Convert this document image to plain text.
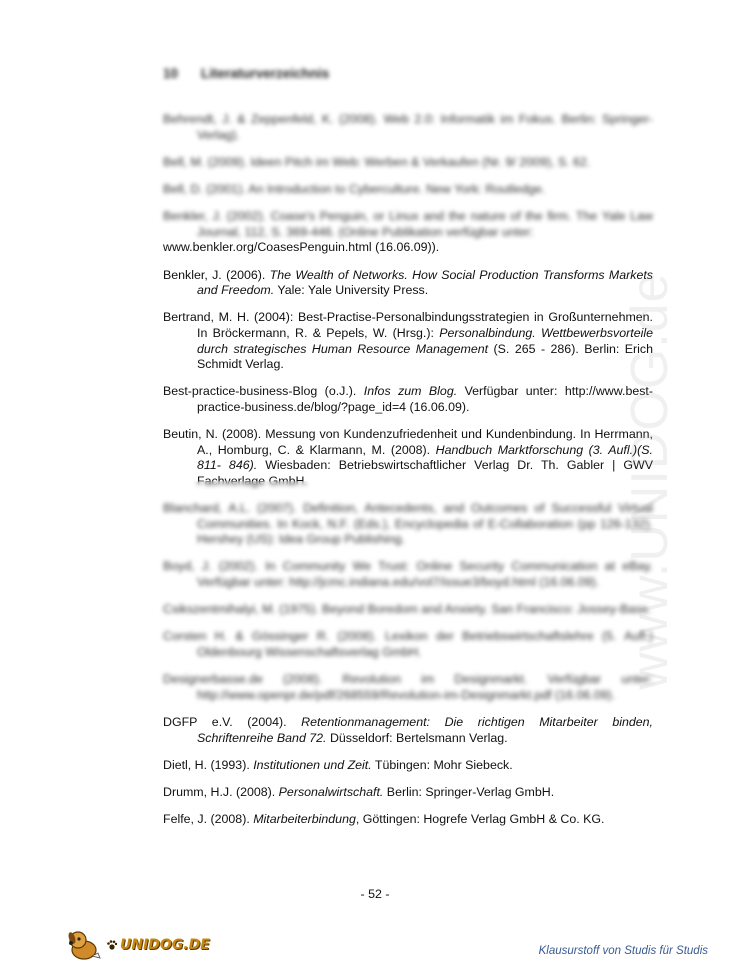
10 Literaturverzeichnis
Behrendt, J. & Zeppenfeld, K. (2008). Web 2.0: Informatik im Fokus. Berlin: Springer-Verlag).
Bell, M. (2009). Ideen Pitch im Web: Werben & Verkaufen (Nr. 9/ 2009), S. 62.
Bell, D. (2001). An Introduction to Cyberculture. New York: Routledge.
Benkler, J. (2002). Coase's Penguin, or Linux and the nature of the firm. The Yale Law Journal, 112, S. 369-446. (Online Publikation verfügbar unter:
www.benkler.org/CoasesPenguin.html (16.06.09)).
Benkler, J. (2006). The Wealth of Networks. How Social Production Transforms Markets and Freedom. Yale: Yale University Press.
Bertrand, M. H. (2004): Best-Practise-Personalbindungsstrategien in Großunternehmen. In Bröckermann, R. & Pepels, W. (Hrsg.): Personalbindung. Wettbewerbsvorteile durch strategisches Human Resource Management (S. 265 - 286). Berlin: Erich Schmidt Verlag.
Best-practice-business-Blog (o.J.). Infos zum Blog. Verfügbar unter: http://www.best-practice-business.de/blog/?page_id=4 (16.06.09).
Beutin, N. (2008). Messung von Kundenzufriedenheit und Kundenbindung. In Herrmann, A., Homburg, C. & Klarmann, M. (2008). Handbuch Marktforschung (3. Aufl.)(S. 811- 846). Wiesbaden: Betriebswirtschaftlicher Verlag Dr. Th. Gabler | GWV Fachverlage GmbH.
Blanchard, A.L. (2007). Definition, Antecedents, and Outcomes of Successful Virtual Communities. In Kock, N.F. (Eds.), Encyclopedia of E-Collaboration (pp 126-132). Hershey (US): Idea Group Publishing.
Boyd, J. (2002). In Community We Trust: Online Security Communication at eBay. Verfügbar unter: http://jcmc.indiana.edu/vol7/issue3/boyd.html (16.06.09).
Csikszentmihalyi, M. (1975). Beyond Boredom and Anxiety. San Francisco: Jossey-Bass.
Corsten H. & Gössinger R. (2008). Lexikon der Betriebswirtschaftslehre (5. Aufl.) Oldenbourg Wissenschaftsverlag GmbH.
Designerbasse.de (2008). Revolution im Designmarkt. Verfügbar unter: http://www.openpr.de/pdf/268559/Revolution-im-Designmarkt.pdf (16.06.09).
DGFP e.V. (2004). Retentionmanagement: Die richtigen Mitarbeiter binden, Schriftenreihe Band 72. Düsseldorf: Bertelsmann Verlag.
Dietl, H. (1993). Institutionen und Zeit. Tübingen: Mohr Siebeck.
Drumm, H.J. (2008). Personalwirtschaft. Berlin: Springer-Verlag GmbH.
Felfe, J. (2008). Mitarbeiterbindung, Göttingen: Hogrefe Verlag GmbH & Co. KG.
www.UNIDOG.de
- 52 -
UNIDOG.DE	Klausurstoff von Studis für Studis
